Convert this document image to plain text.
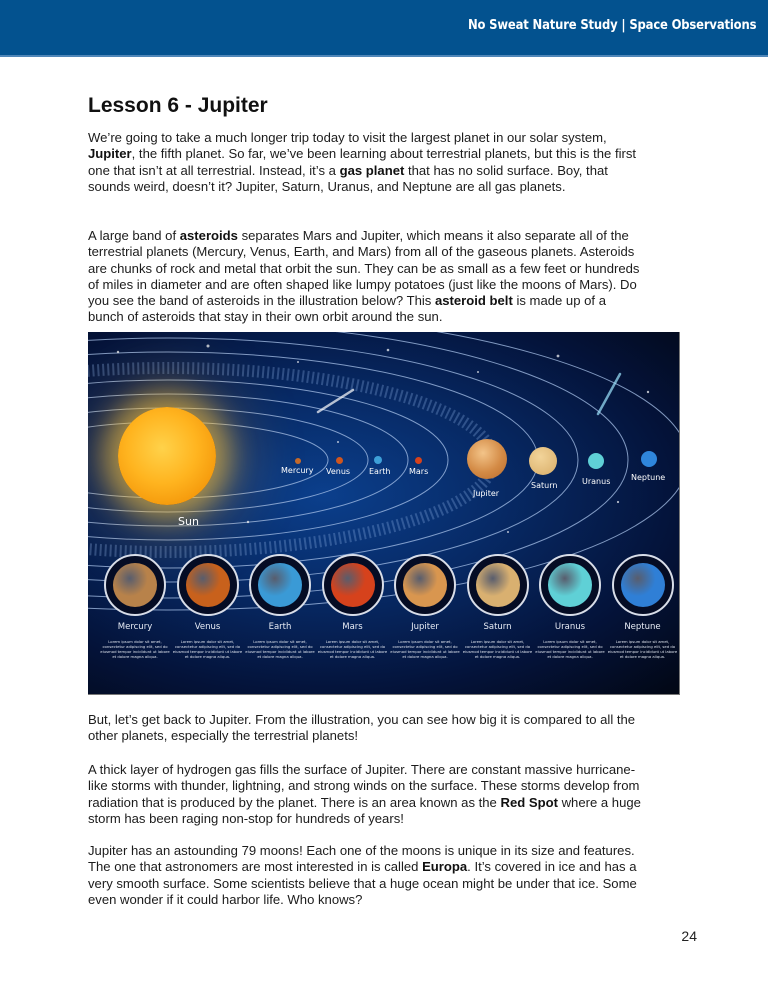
No Sweat Nature Study | Space Observations
Lesson 6 - Jupiter
We’re going to take a much longer trip today to visit the largest planet in our solar system,
Jupiter, the fifth planet. So far, we’ve been learning about terrestrial planets, but this is the first
one that isn’t at all terrestrial. Instead, it’s a gas planet that has no solid surface. Boy, that
sounds weird, doesn’t it? Jupiter, Saturn, Uranus, and Neptune are all gas planets.
A large band of asteroids separates Mars and Jupiter, which means it also separate all of the
terrestrial planets (Mercury, Venus, Earth, and Mars) from all of the gaseous planets. Asteroids
are chunks of rock and metal that orbit the sun. They can be as small as a few feet or hundreds
of miles in diameter and are often shaped like lumpy potatoes (just like the moons of Mars). Do
you see the band of asteroids in the illustration below? This asteroid belt is made up of a
bunch of asteroids that stay in their own orbit around the sun.
But, let’s get back to Jupiter. From the illustration, you can see how big it is compared to all the
other planets, especially the terrestrial planets!
A thick layer of hydrogen gas fills the surface of Jupiter. There are constant massive hurricane-
like storms with thunder, lightning, and strong winds on the surface. These storms develop from
radiation that is produced by the planet. There is an area known as the Red Spot where a huge
storm has been raging non-stop for hundreds of years!
Jupiter has an astounding 79 moons! Each one of the moons is unique in its size and features.
The one that astronomers are most interested in is called Europa. It’s covered in ice and has a
very smooth surface. Some scientists believe that a huge ocean might be under that ice. Some
even wonder if it could harbor life. Who knows?
Sun
Mercury Venus Earth Mars
Jupiter
Saturn	Uranus	Neptune
Mercury
Lorem ipsum dolor sit amet, consectetur adipiscing elit, sed do eiusmod tempor incididunt ut labore et dolore magna aliqua.
Venus
Lorem ipsum dolor sit amet, consectetur adipiscing elit, sed do eiusmod tempor incididunt ut labore et dolore magna aliqua.
Earth
Lorem ipsum dolor sit amet, consectetur adipiscing elit, sed do eiusmod tempor incididunt ut labore et dolore magna aliqua.
Mars
Lorem ipsum dolor sit amet, consectetur adipiscing elit, sed do eiusmod tempor incididunt ut labore et dolore magna aliqua.
Jupiter
Lorem ipsum dolor sit amet, consectetur adipiscing elit, sed do eiusmod tempor incididunt ut labore et dolore magna aliqua.
Saturn
Lorem ipsum dolor sit amet, consectetur adipiscing elit, sed do eiusmod tempor incididunt ut labore et dolore magna aliqua.
Uranus
Lorem ipsum dolor sit amet, consectetur adipiscing elit, sed do eiusmod tempor incididunt ut labore et dolore magna aliqua.
Neptune
Lorem ipsum dolor sit amet, consectetur adipiscing elit, sed do eiusmod tempor incididunt ut labore et dolore magna aliqua.
24
